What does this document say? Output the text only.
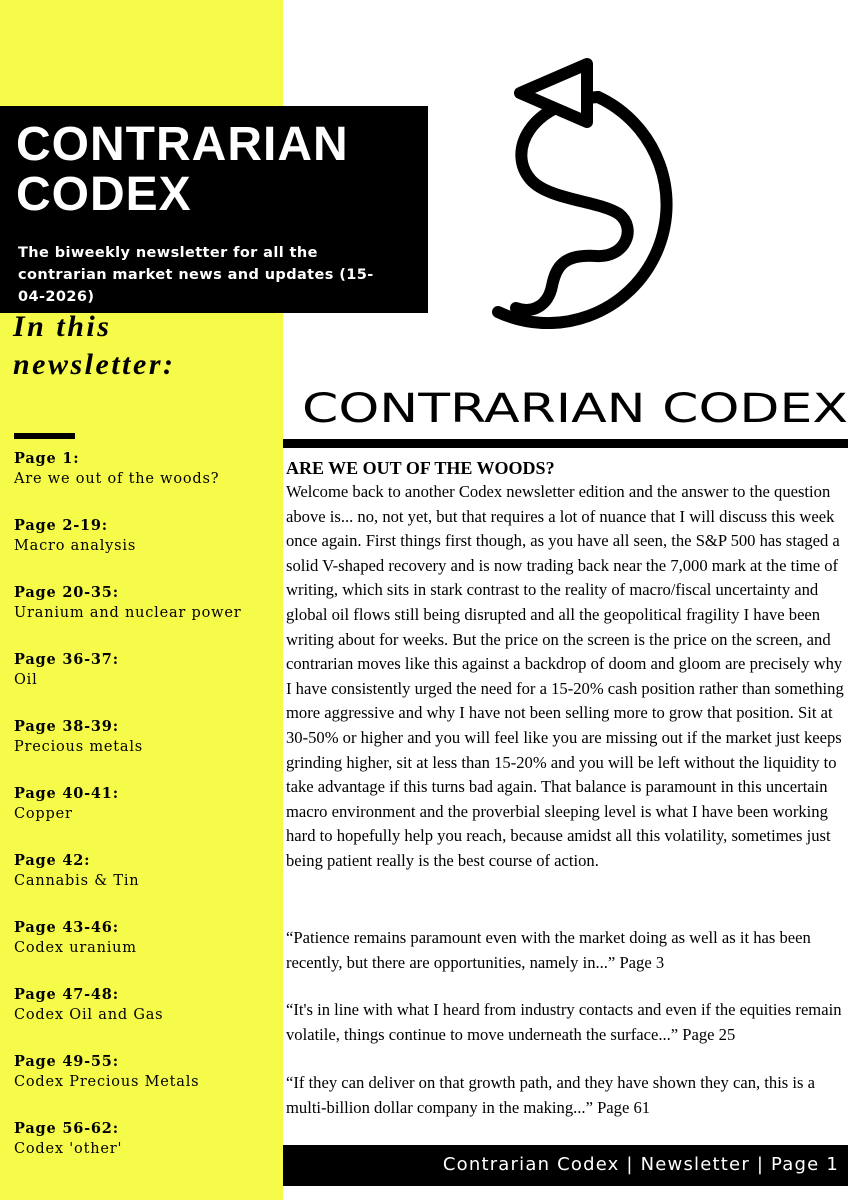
CONTRARIAN
CODEX
The biweekly newsletter for all the contrarian market news and updates (15-04-2026)
In this
newsletter:
Page 1:
Are we out of the woods?
Page 2-19:
Macro analysis
Page 20-35:
Uranium and nuclear power
Page 36-37:
Oil
Page 38-39:
Precious metals
Page 40-41:
Copper
Page 42:
Cannabis & Tin
Page 43-46:
Codex uranium
Page 47-48:
Codex Oil and Gas
Page 49-55:
Codex Precious Metals
Page 56-62:
Codex 'other'
CONTRARIAN CODEX
ARE WE OUT OF THE WOODS?

Welcome back to another Codex newsletter edition and the answer to the question above is... no, not yet, but that requires a lot of nuance that I will discuss this week once again. First things first though, as you have all seen, the S&P 500 has staged a solid V-shaped recovery and is now trading back near the 7,000 mark at the time of writing, which sits in stark contrast to the reality of macro/fiscal uncertainty and global oil flows still being disrupted and all the geopolitical fragility I have been writing about for weeks. But the price on the screen is the price on the screen, and contrarian moves like this against a backdrop of doom and gloom are precisely why I have consistently urged the need for a 15-20% cash position rather than something more aggressive and why I have not been selling more to grow that position. Sit at 30-50% or higher and you will feel like you are missing out if the market just keeps grinding higher, sit at less than 15-20% and you will be left without the liquidity to take advantage if this turns bad again. That balance is paramount in this uncertain macro environment and the proverbial sleeping level is what I have been working hard to hopefully help you reach, because amidst all this volatility, sometimes just being patient really is the best course of action.

“Patience remains paramount even with the market doing as well as it has been recently, but there are opportunities, namely in...” Page 3

“It's in line with what I heard from industry contacts and even if the equities remain volatile, things continue to move underneath the surface...” Page 25

“If they can deliver on that growth path, and they have shown they can, this is a multi-billion dollar company in the making...” Page 61

Contrarian Codex | Newsletter | Page 1
